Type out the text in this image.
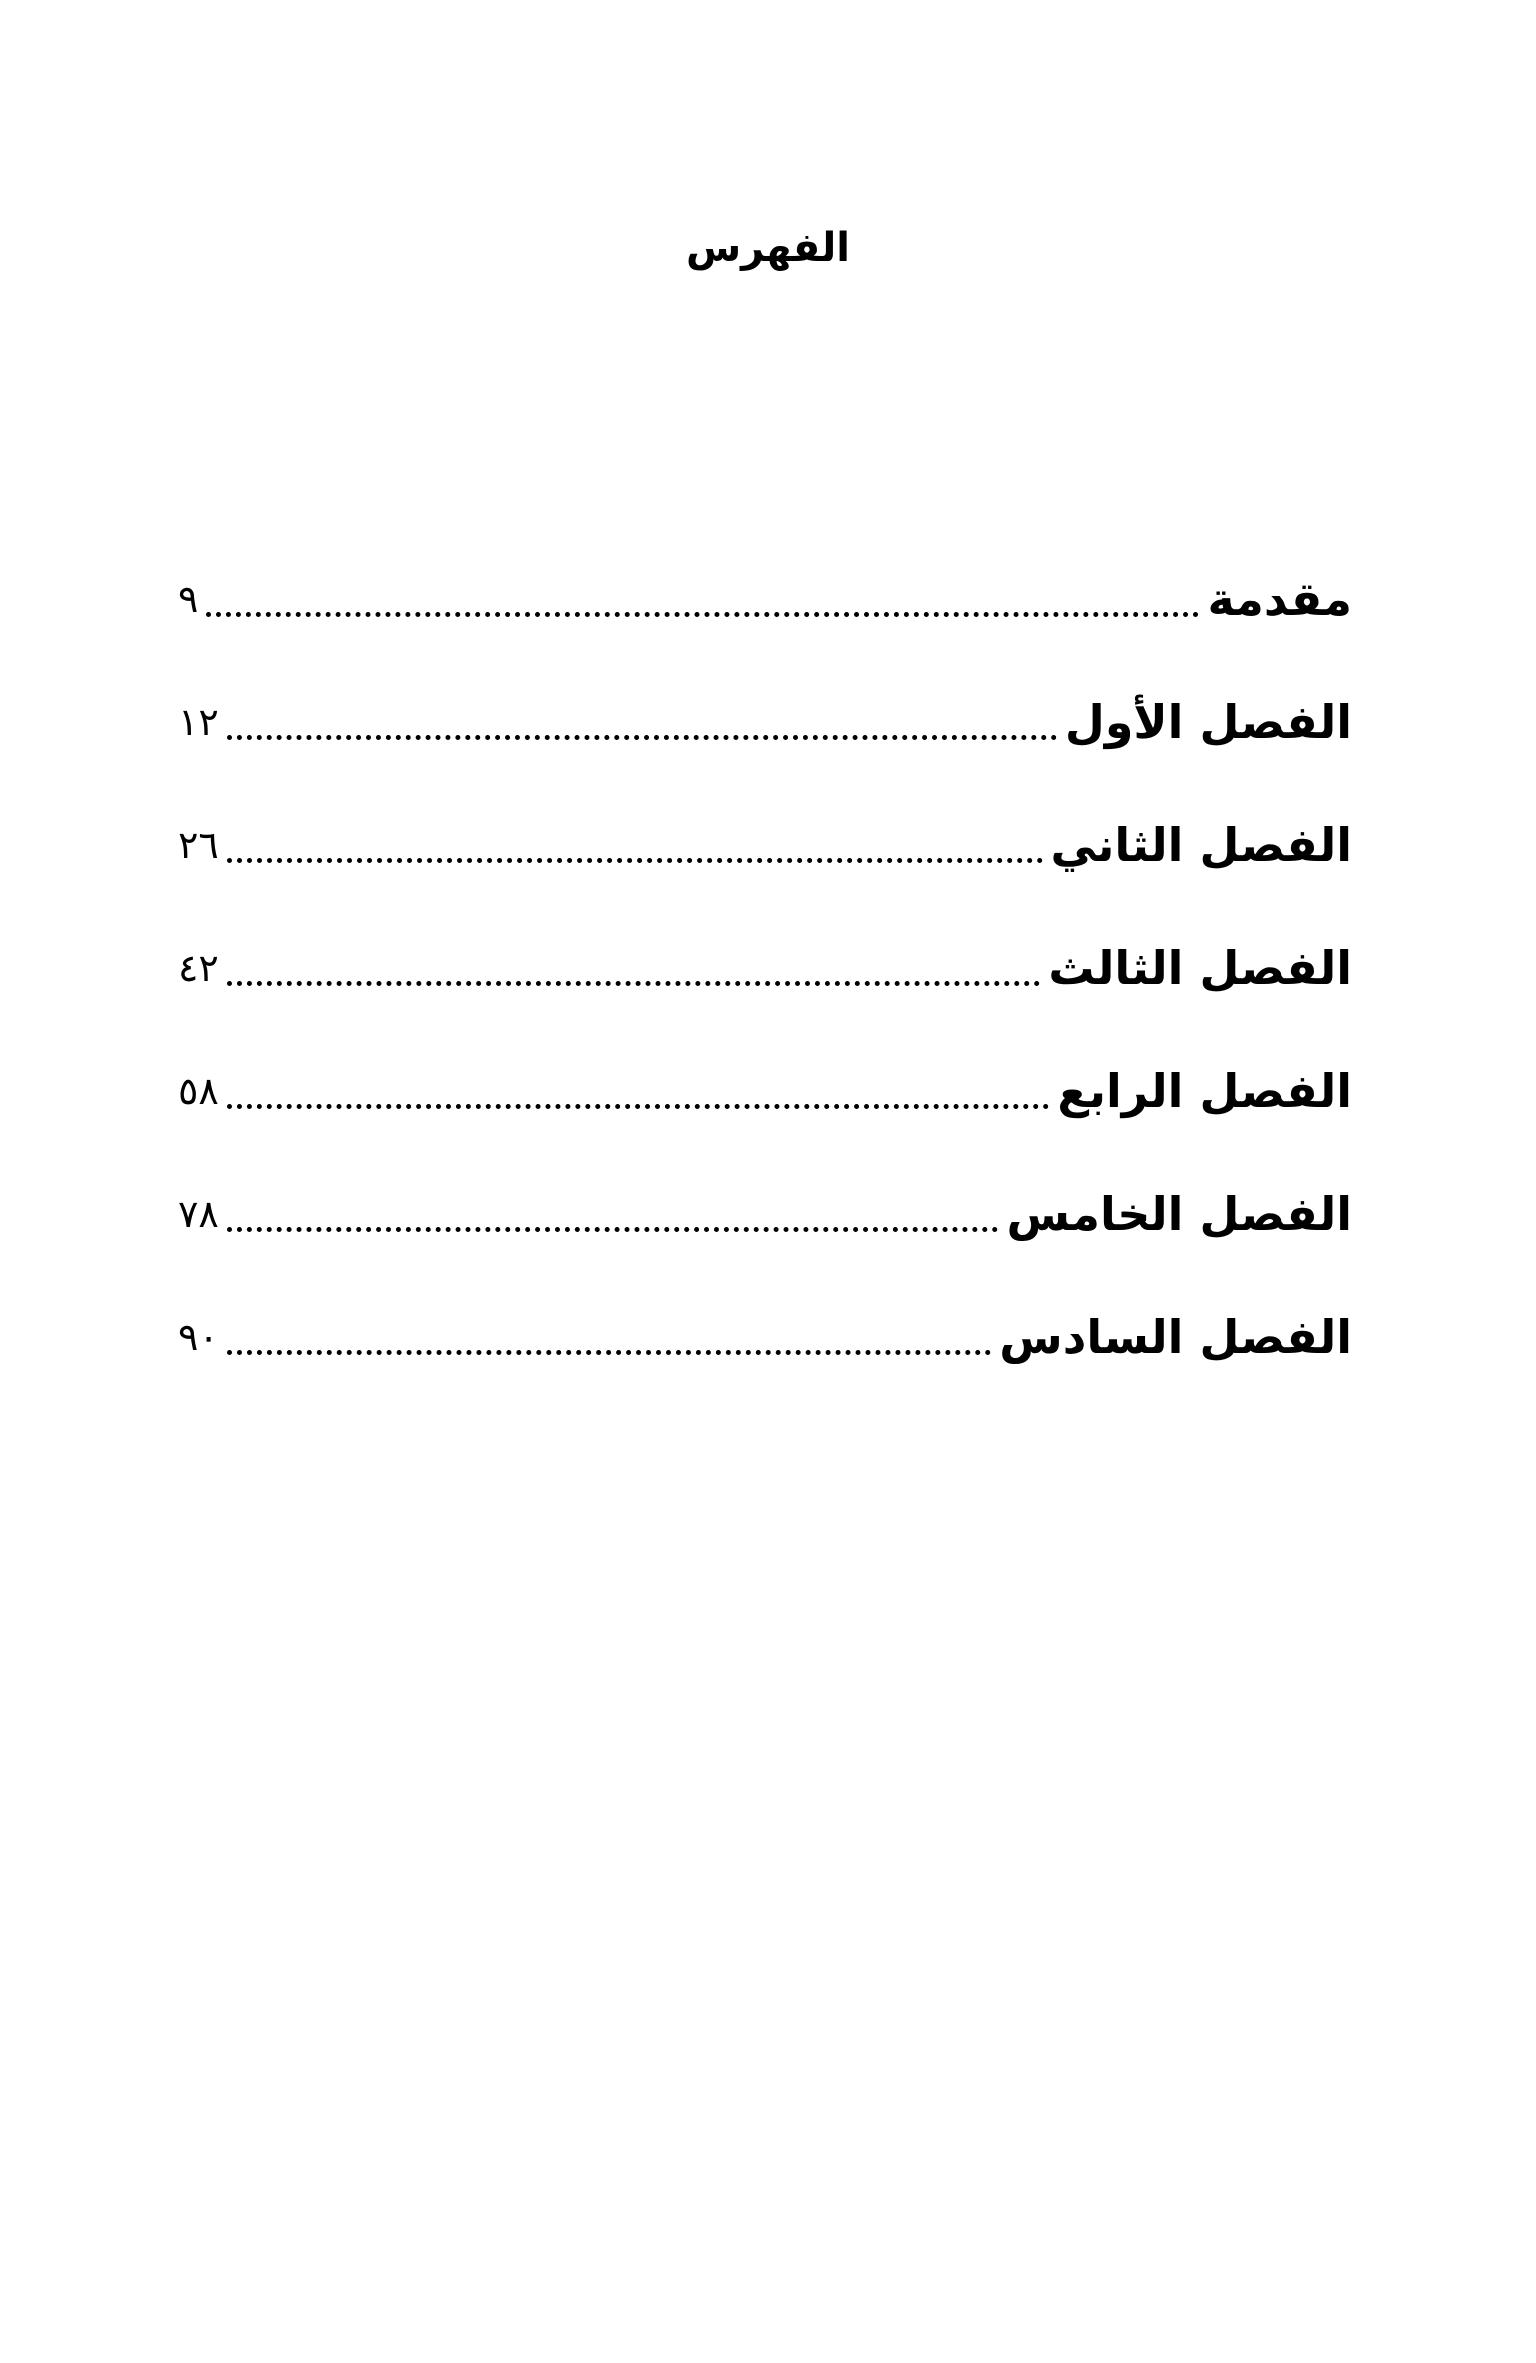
الفهرس
مقدمة
٩
الفصل الأول
١٢
الفصل الثاني
٢٦
الفصل الثالث
٤٢
الفصل الرابع
٥٨
الفصل الخامس
٧٨
الفصل السادس
٩٠
